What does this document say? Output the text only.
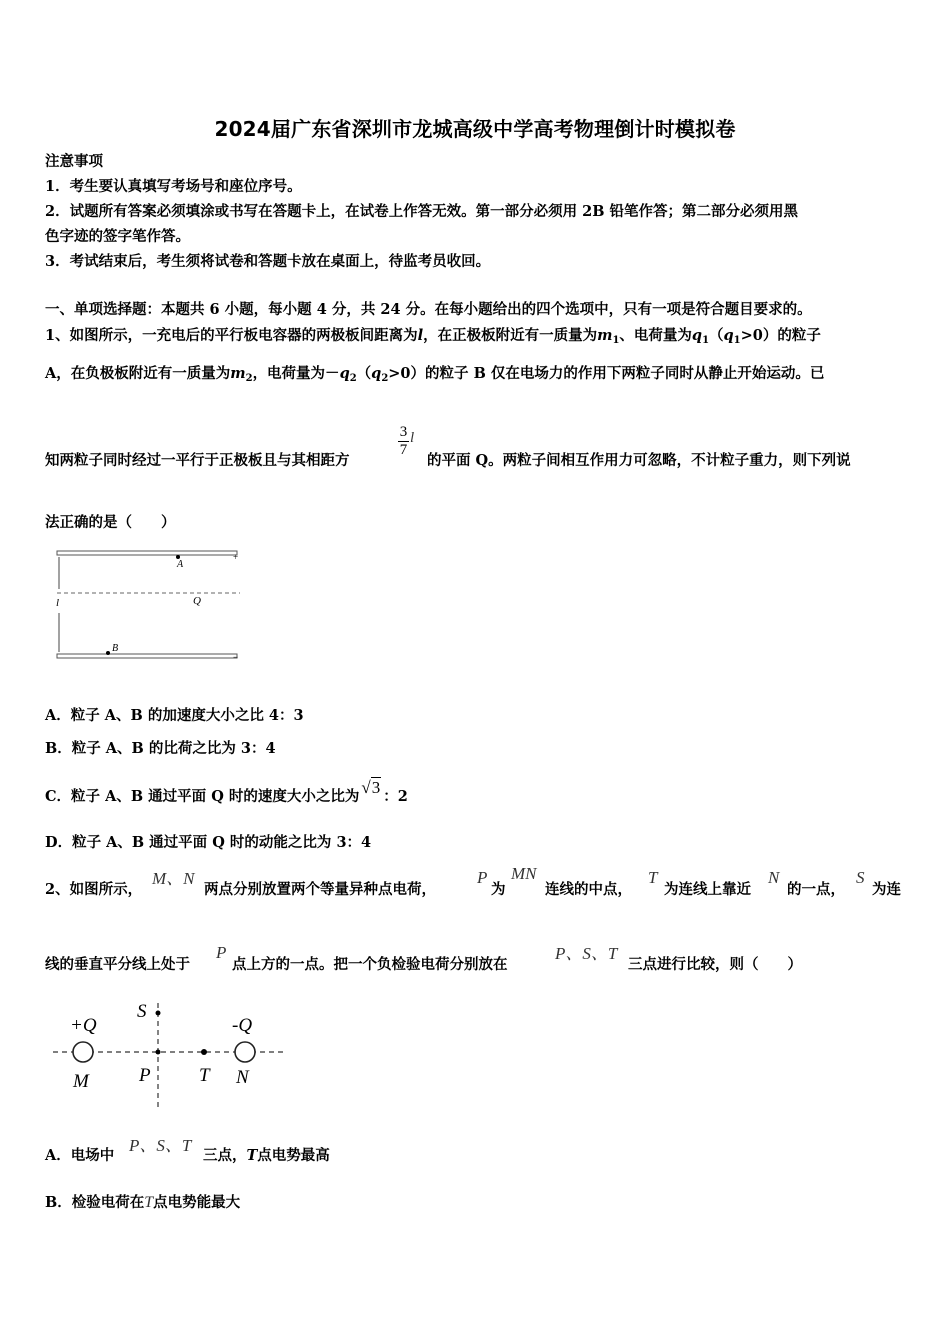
2024届广东省深圳市龙城高级中学高考物理倒计时模拟卷
注意事项
1．考生要认真填写考场号和座位序号。
2．试题所有答案必须填涂或书写在答题卡上，在试卷上作答无效。第一部分必须用 2B 铅笔作答；第二部分必须用黑
色字迹的签字笔作答。
3．考试结束后，考生须将试卷和答题卡放在桌面上，待监考员收回。
一、单项选择题：本题共 6 小题，每小题 4 分，共 24 分。在每小题给出的四个选项中，只有一项是符合题目要求的。
1、如图所示，一充电后的平行板电容器的两极板间距离为l，在正极板附近有一质量为$m_1$、电荷量为$q_1(q_1>0)$的粒子
A，在负极板附近有一质量为$m_2$，电荷量为$-q_2(q_2>0)$的粒子 B 仅在电场力的作用下两粒子同时从静止开始运动。已
知两粒子同时经过一平行于正极板且与其相距方
$\frac{3}{7}$ l
的平面 Q。两粒子间相互作用力可忽略，不计粒子重力，则下列说
法正确的是（　　）
A
Q
B
l
+
−
A．粒子 A、B 的加速度大小之比 4：3
B．粒子 A、B 的比荷之比为 3：4
C．粒子 A、B 通过平面 Q 时的速度大小之比为 √3 ：2
D．粒子 A、B 通过平面 Q 时的动能之比为 3：4
2、如图所示，
M、N
两点分别放置两个等量异种点电荷，
P
为
MN
连线的中点，
T
为连线上靠近
N
的一点，
S
为连
线的垂直平分线上处于
P
点上方的一点。把一个负检验电荷分别放在
P、S、T
三点进行比较，则（　　）
+Q	-Q
S
M	P	T N
A．电场中
P、S、T
三点，T点电势最高
B．检验电荷在T点电势能最大
